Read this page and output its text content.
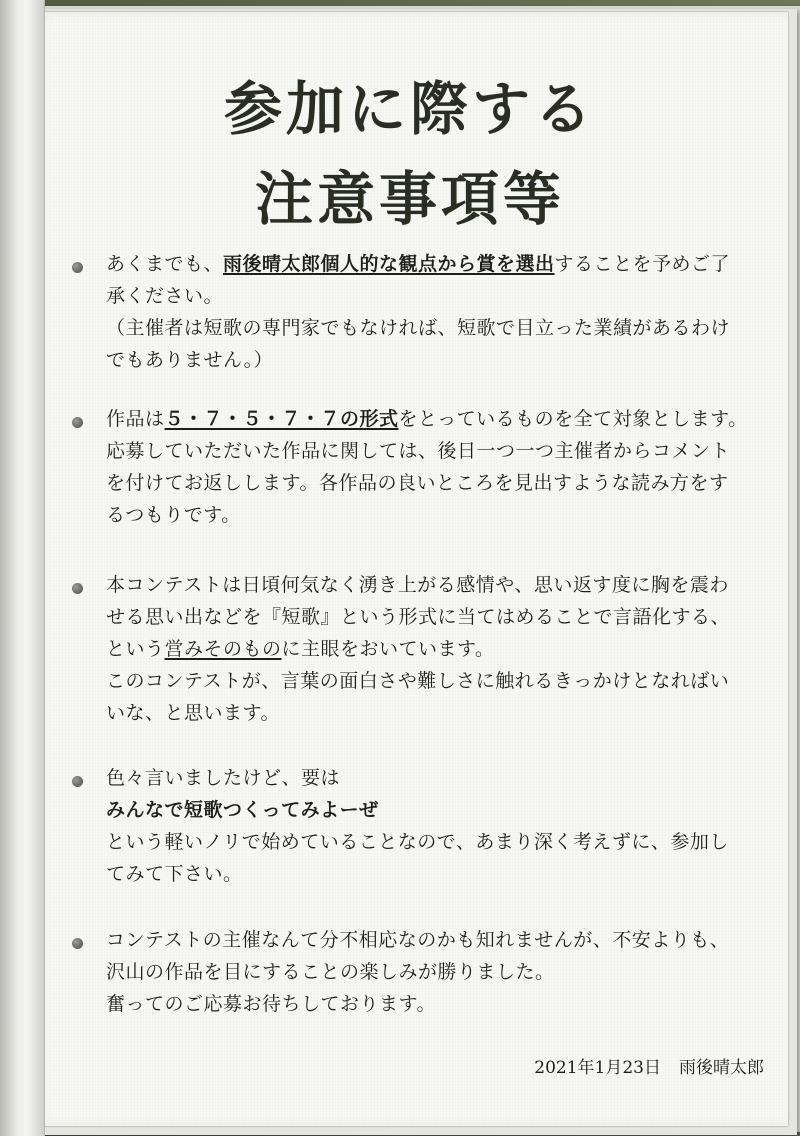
参加に際する
注意事項等
あくまでも、雨後晴太郎個人的な観点から賞を選出することを予めご了
承ください。
（主催者は短歌の専門家でもなければ、短歌で目立った業績があるわけ
でもありません。）
作品は５・７・５・７・７の形式をとっているものを全て対象とします。
応募していただいた作品に関しては、後日一つ一つ主催者からコメント
を付けてお返しします。各作品の良いところを見出すような読み方をす
るつもりです。
本コンテストは日頃何気なく湧き上がる感情や、思い返す度に胸を震わ
せる思い出などを『短歌』という形式に当てはめることで言語化する、
という営みそのものに主眼をおいています。
このコンテストが、言葉の面白さや難しさに触れるきっかけとなればい
いな、と思います。
色々言いましたけど、要は
みんなで短歌つくってみよーぜ
という軽いノリで始めていることなので、あまり深く考えずに、参加し
てみて下さい。
コンテストの主催なんて分不相応なのかも知れませんが、不安よりも、
沢山の作品を目にすることの楽しみが勝りました。
奮ってのご応募お待ちしております。
2021年1月23日 雨後晴太郎
